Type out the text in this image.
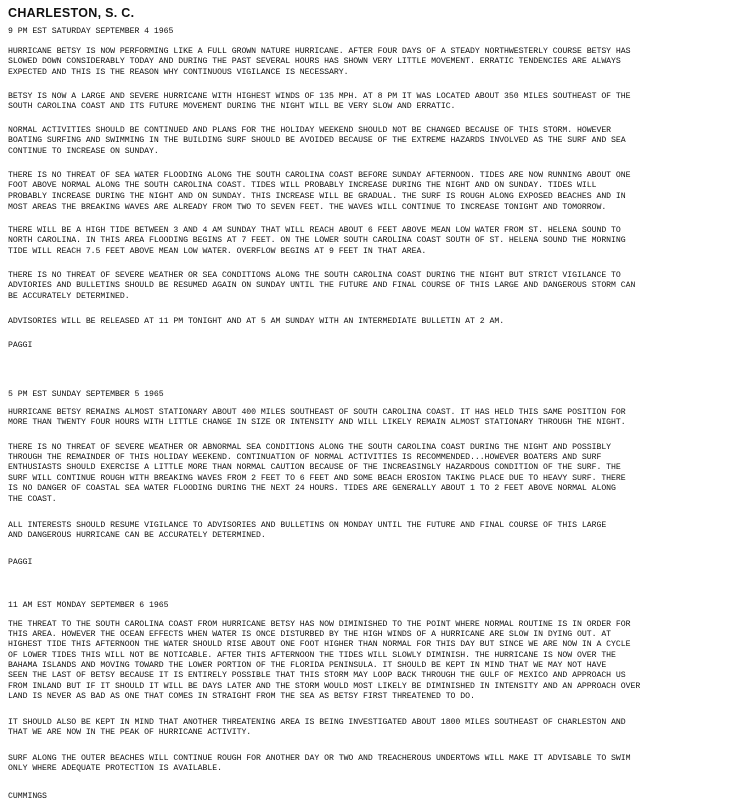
CHARLESTON, S. C.
9 PM EST SATURDAY SEPTEMBER 4 1965
HURRICANE BETSY IS NOW PERFORMING LIKE A FULL GROWN NATURE HURRICANE. AFTER FOUR DAYS OF A STEADY NORTHWESTERLY COURSE BETSY HAS
SLOWED DOWN CONSIDERABLY TODAY AND DURING THE PAST SEVERAL HOURS HAS SHOWN VERY LITTLE MOVEMENT. ERRATIC TENDENCIES ARE ALWAYS
EXPECTED AND THIS IS THE REASON WHY CONTINUOUS VIGILANCE IS NECESSARY.
BETSY IS NOW A LARGE AND SEVERE HURRICANE WITH HIGHEST WINDS OF 135 MPH. AT 8 PM IT WAS LOCATED ABOUT 350 MILES SOUTHEAST OF THE
SOUTH CAROLINA COAST AND ITS FUTURE MOVEMENT DURING THE NIGHT WILL BE VERY SLOW AND ERRATIC.
NORMAL ACTIVITIES SHOULD BE CONTINUED AND PLANS FOR THE HOLIDAY WEEKEND SHOULD NOT BE CHANGED BECAUSE OF THIS STORM. HOWEVER
BOATING SURFING AND SWIMMING IN THE BUILDING SURF SHOULD BE AVOIDED BECAUSE OF THE EXTREME HAZARDS INVOLVED AS THE SURF AND SEA
CONTINUE TO INCREASE ON SUNDAY.
THERE IS NO THREAT OF SEA WATER FLOODING ALONG THE SOUTH CAROLINA COAST BEFORE SUNDAY AFTERNOON. TIDES ARE NOW RUNNING ABOUT ONE
FOOT ABOVE NORMAL ALONG THE SOUTH CAROLINA COAST. TIDES WILL PROBABLY INCREASE DURING THE NIGHT AND ON SUNDAY. TIDES WILL
PROBABLY INCREASE DURING THE NIGHT AND ON SUNDAY. THIS INCREASE WILL BE GRADUAL. THE SURF IS ROUGH ALONG EXPOSED BEACHES AND IN
MOST AREAS THE BREAKING WAVES ARE ALREADY FROM TWO TO SEVEN FEET. THE WAVES WILL CONTINUE TO INCREASE TONIGHT AND TOMORROW.
THERE WILL BE A HIGH TIDE BETWEEN 3 AND 4 AM SUNDAY THAT WILL REACH ABOUT 6 FEET ABOVE MEAN LOW WATER FROM ST. HELENA SOUND TO
NORTH CAROLINA. IN THIS AREA FLOODING BEGINS AT 7 FEET. ON THE LOWER SOUTH CAROLINA COAST SOUTH OF ST. HELENA SOUND THE MORNING
TIDE WILL REACH 7.5 FEET ABOVE MEAN LOW WATER. OVERFLOW BEGINS AT 9 FEET IN THAT AREA.
THERE IS NO THREAT OF SEVERE WEATHER OR SEA CONDITIONS ALONG THE SOUTH CAROLINA COAST DURING THE NIGHT BUT STRICT VIGILANCE TO
ADVIORIES AND BULLETINS SHOULD BE RESUMED AGAIN ON SUNDAY UNTIL THE FUTURE AND FINAL COURSE OF THIS LARGE AND DANGEROUS STORM CAN
BE ACCURATELY DETERMINED.
ADVISORIES WILL BE RELEASED AT 11 PM TONIGHT AND AT 5 AM SUNDAY WITH AN INTERMEDIATE BULLETIN AT 2 AM.
PAGGI
5 PM EST SUNDAY SEPTEMBER 5 1965
HURRICANE BETSY REMAINS ALMOST STATIONARY ABOUT 400 MILES SOUTHEAST OF SOUTH CAROLINA COAST. IT HAS HELD THIS SAME POSITION FOR
MORE THAN TWENTY FOUR HOURS WITH LITTLE CHANGE IN SIZE OR INTENSITY AND WILL LIKELY REMAIN ALMOST STATIONARY THROUGH THE NIGHT.
THERE IS NO THREAT OF SEVERE WEATHER OR ABNORMAL SEA CONDITIONS ALONG THE SOUTH CAROLINA COAST DURING THE NIGHT AND POSSIBLY
THROUGH THE REMAINDER OF THIS HOLIDAY WEEKEND. CONTINUATION OF NORMAL ACTIVITIES IS RECOMMENDED...HOWEVER BOATERS AND SURF
ENTHUSIASTS SHOULD EXERCISE A LITTLE MORE THAN NORMAL CAUTION BECAUSE OF THE INCREASINGLY HAZARDOUS CONDITION OF THE SURF. THE
SURF WILL CONTINUE ROUGH WITH BREAKING WAVES FROM 2 FEET TO 6 FEET AND SOME BEACH EROSION TAKING PLACE DUE TO HEAVY SURF. THERE
IS NO DANGER OF COASTAL SEA WATER FLOODING DURING THE NEXT 24 HOURS. TIDES ARE GENERALLY ABOUT 1 TO 2 FEET ABOVE NORMAL ALONG
THE COAST.
ALL INTERESTS SHOULD RESUME VIGILANCE TO ADVISORIES AND BULLETINS ON MONDAY UNTIL THE FUTURE AND FINAL COURSE OF THIS LARGE
AND DANGEROUS HURRICANE CAN BE ACCURATELY DETERMINED.
PAGGI
11 AM EST MONDAY SEPTEMBER 6 1965
THE THREAT TO THE SOUTH CAROLINA COAST FROM HURRICANE BETSY HAS NOW DIMINISHED TO THE POINT WHERE NORMAL ROUTINE IS IN ORDER FOR
THIS AREA. HOWEVER THE OCEAN EFFECTS WHEN WATER IS ONCE DISTURBED BY THE HIGH WINDS OF A HURRICANE ARE SLOW IN DYING OUT. AT
HIGHEST TIDE THIS AFTERNOON THE WATER SHOULD RISE ABOUT ONE FOOT HIGHER THAN NORMAL FOR THIS DAY BUT SINCE WE ARE NOW IN A CYCLE
OF LOWER TIDES THIS WILL NOT BE NOTICABLE. AFTER THIS AFTERNOON THE TIDES WILL SLOWLY DIMINISH. THE HURRICANE IS NOW OVER THE
BAHAMA ISLANDS AND MOVING TOWARD THE LOWER PORTION OF THE FLORIDA PENINSULA. IT SHOULD BE KEPT IN MIND THAT WE MAY NOT HAVE
SEEN THE LAST OF BETSY BECAUSE IT IS ENTIRELY POSSIBLE THAT THIS STORM MAY LOOP BACK THROUGH THE GULF OF MEXICO AND APPROACH US
FROM INLAND BUT IF IT SHOULD IT WILL BE DAYS LATER AND THE STORM WOULD MOST LIKELY BE DIMINISHED IN INTENSITY AND AN APPROACH OVER
LAND IS NEVER AS BAD AS ONE THAT COMES IN STRAIGHT FROM THE SEA AS BETSY FIRST THREATENED TO DO.
IT SHOULD ALSO BE KEPT IN MIND THAT ANOTHER THREATENING AREA IS BEING INVESTIGATED ABOUT 1800 MILES SOUTHEAST OF CHARLESTON AND
THAT WE ARE NOW IN THE PEAK OF HURRICANE ACTIVITY.
SURF ALONG THE OUTER BEACHES WILL CONTINUE ROUGH FOR ANOTHER DAY OR TWO AND TREACHEROUS UNDERTOWS WILL MAKE IT ADVISABLE TO SWIM
ONLY WHERE ADEQUATE PROTECTION IS AVAILABLE.
CUMMINGS
